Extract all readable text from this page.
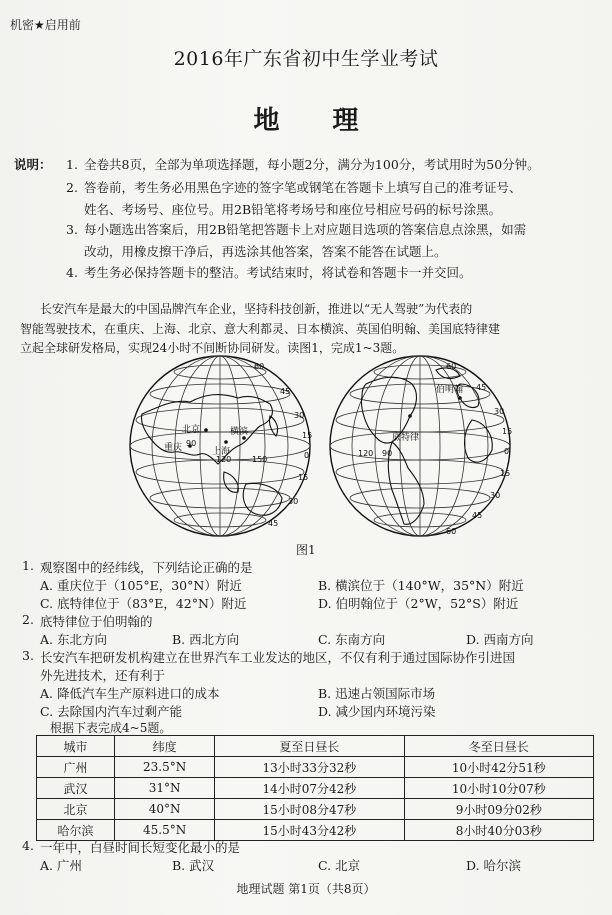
机密★启用前
2016年广东省初中生学业考试
地 理
说明： 1. 全卷共8页，全部为单项选择题，每小题2分，满分为100分，考试用时为50分钟。
2. 答卷前，考生务必用黑色字迹的签字笔或钢笔在答题卡上填写自己的准考证号、
姓名、考场号、座位号。用2B铅笔将考场号和座位号相应号码的标号涂黑。
3. 每小题选出答案后，用2B铅笔把答题卡上对应题目选项的答案信息点涂黑，如需
改动，用橡皮擦干净后，再选涂其他答案，答案不能答在试题上。
4. 考生务必保持答题卡的整洁。考试结束时，将试卷和答题卡一并交回。
长安汽车是最大的中国品牌汽车企业，坚持科技创新，推进以“无人驾驶”为代表的
智能驾驶技术，在重庆、上海、北京、意大利都灵、日本横滨、英国伯明翰、美国底特律建
立起全球研发格局，实现24小时不间断协同研发。读图1，完成1~3题。
北京
重庆
横滨
上海
90
120	150
60
45
30
15
0
15
30
45
伯明翰
底特律
90
120
60
45
30
15
0
15
30
45
60
图1
1. 观察图中的经纬线，下列结论正确的是
A. 重庆位于（105°E，30°N）附近	B. 横滨位于（140°W，35°N）附近
C. 底特律位于（83°E，42°N）附近	D. 伯明翰位于（2°W，52°S）附近
2. 底特律位于伯明翰的
A. 东北方向	B. 西北方向	C. 东南方向	D. 西南方向
3. 长安汽车把研发机构建立在世界汽车工业发达的地区，不仅有利于通过国际协作引进国
外先进技术，还有利于
A. 降低汽车生产原料进口的成本	B. 迅速占领国际市场
C. 去除国内汽车过剩产能	D. 减少国内环境污染
根据下表完成4~5题。
城市	纬度	夏至日昼长	冬至日昼长
广州	23.5°N	13小时33分32秒	10小时42分51秒
武汉	31°N	14小时07分42秒	10小时10分07秒
北京	40°N	15小时08分47秒	9小时09分02秒
哈尔滨	45.5°N	15小时43分42秒	8小时40分03秒
4. 一年中，白昼时间长短变化最小的是
A. 广州	B. 武汉	C. 北京	D. 哈尔滨
地理试题 第1页（共8页）
